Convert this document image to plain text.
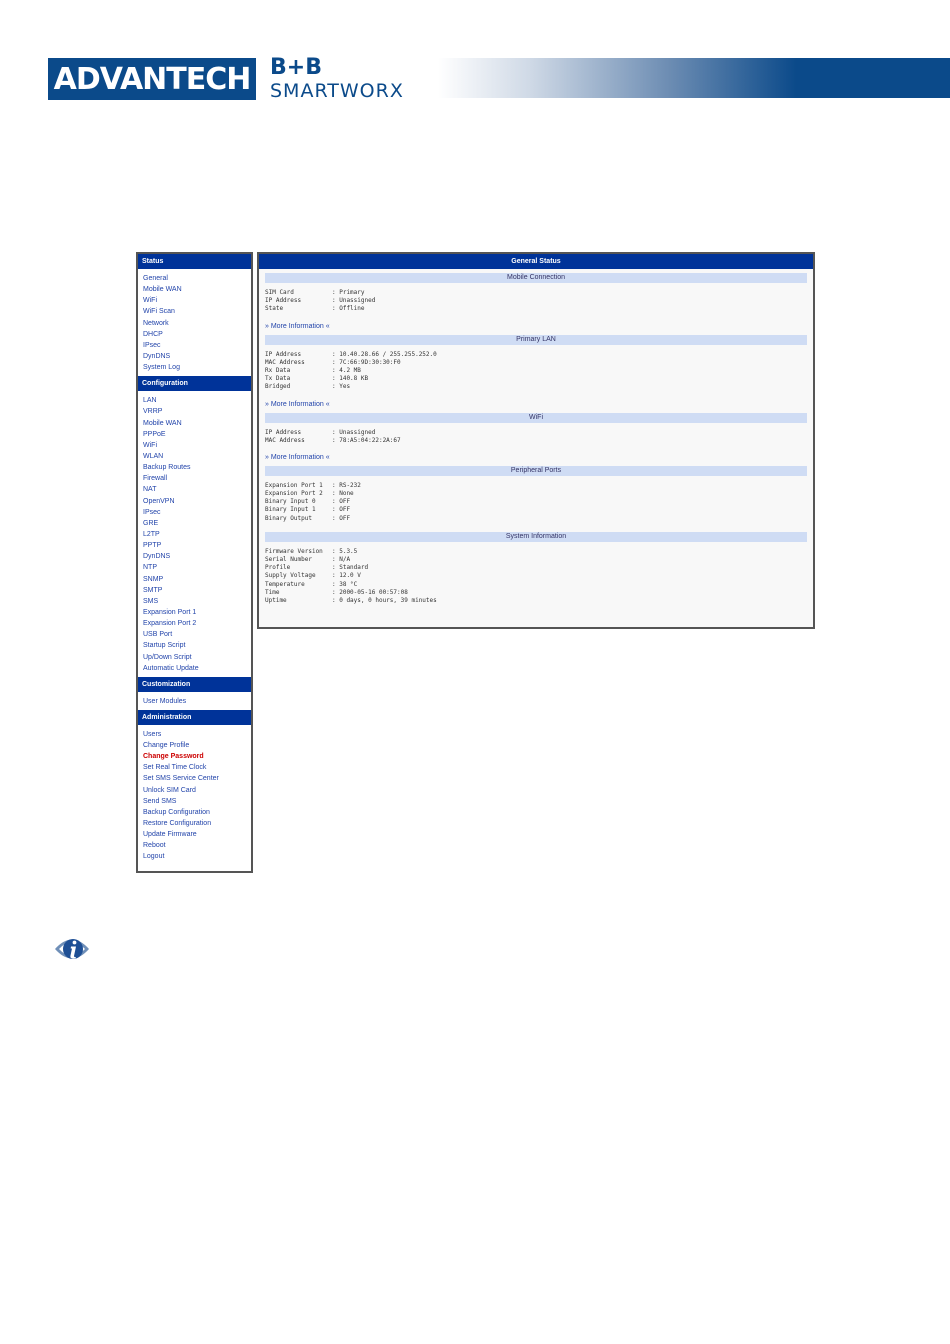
ADVANTECH B+B
SMARTWORX
Status
General
Mobile WAN
WiFi
WiFi Scan
Network
DHCP
IPsec
DynDNS
System Log
Configuration
LAN
VRRP
Mobile WAN
PPPoE
WiFi
WLAN
Backup Routes
Firewall
NAT
OpenVPN
IPsec
GRE
L2TP
PPTP
DynDNS
NTP
SNMP
SMTP
SMS
Expansion Port 1
Expansion Port 2
USB Port
Startup Script
Up/Down Script
Automatic Update
Customization
User Modules
Administration
Users
Change Profile
Change Password
Set Real Time Clock
Set SMS Service Center
Unlock SIM Card
Send SMS
Backup Configuration
Restore Configuration
Update Firmware
Reboot
Logout
General Status
Mobile Connection
SIM Card	: Primary
IP Address	: Unassigned
State	: Offline
» More Information «
Primary LAN
IP Address	: 10.40.28.66 / 255.255.252.0
MAC Address	: 7C:66:9D:30:30:F0
Rx Data	: 4.2 MB
Tx Data	: 140.8 KB
Bridged	: Yes
» More Information «
WiFi
IP Address	: Unassigned
MAC Address	: 78:A5:04:22:2A:67
» More Information «
Peripheral Ports
Expansion Port 1 : RS-232
Expansion Port 2 : None
Binary Input 0	: OFF
Binary Input 1	: OFF
Binary Output	: OFF
System Information
Firmware Version : 5.3.5
Serial Number	: N/A
Profile	: Standard
Supply Voltage	: 12.0 V
Temperature	: 38 °C
Time	: 2000-05-16 00:57:08
Uptime	: 0 days, 0 hours, 39 minutes
